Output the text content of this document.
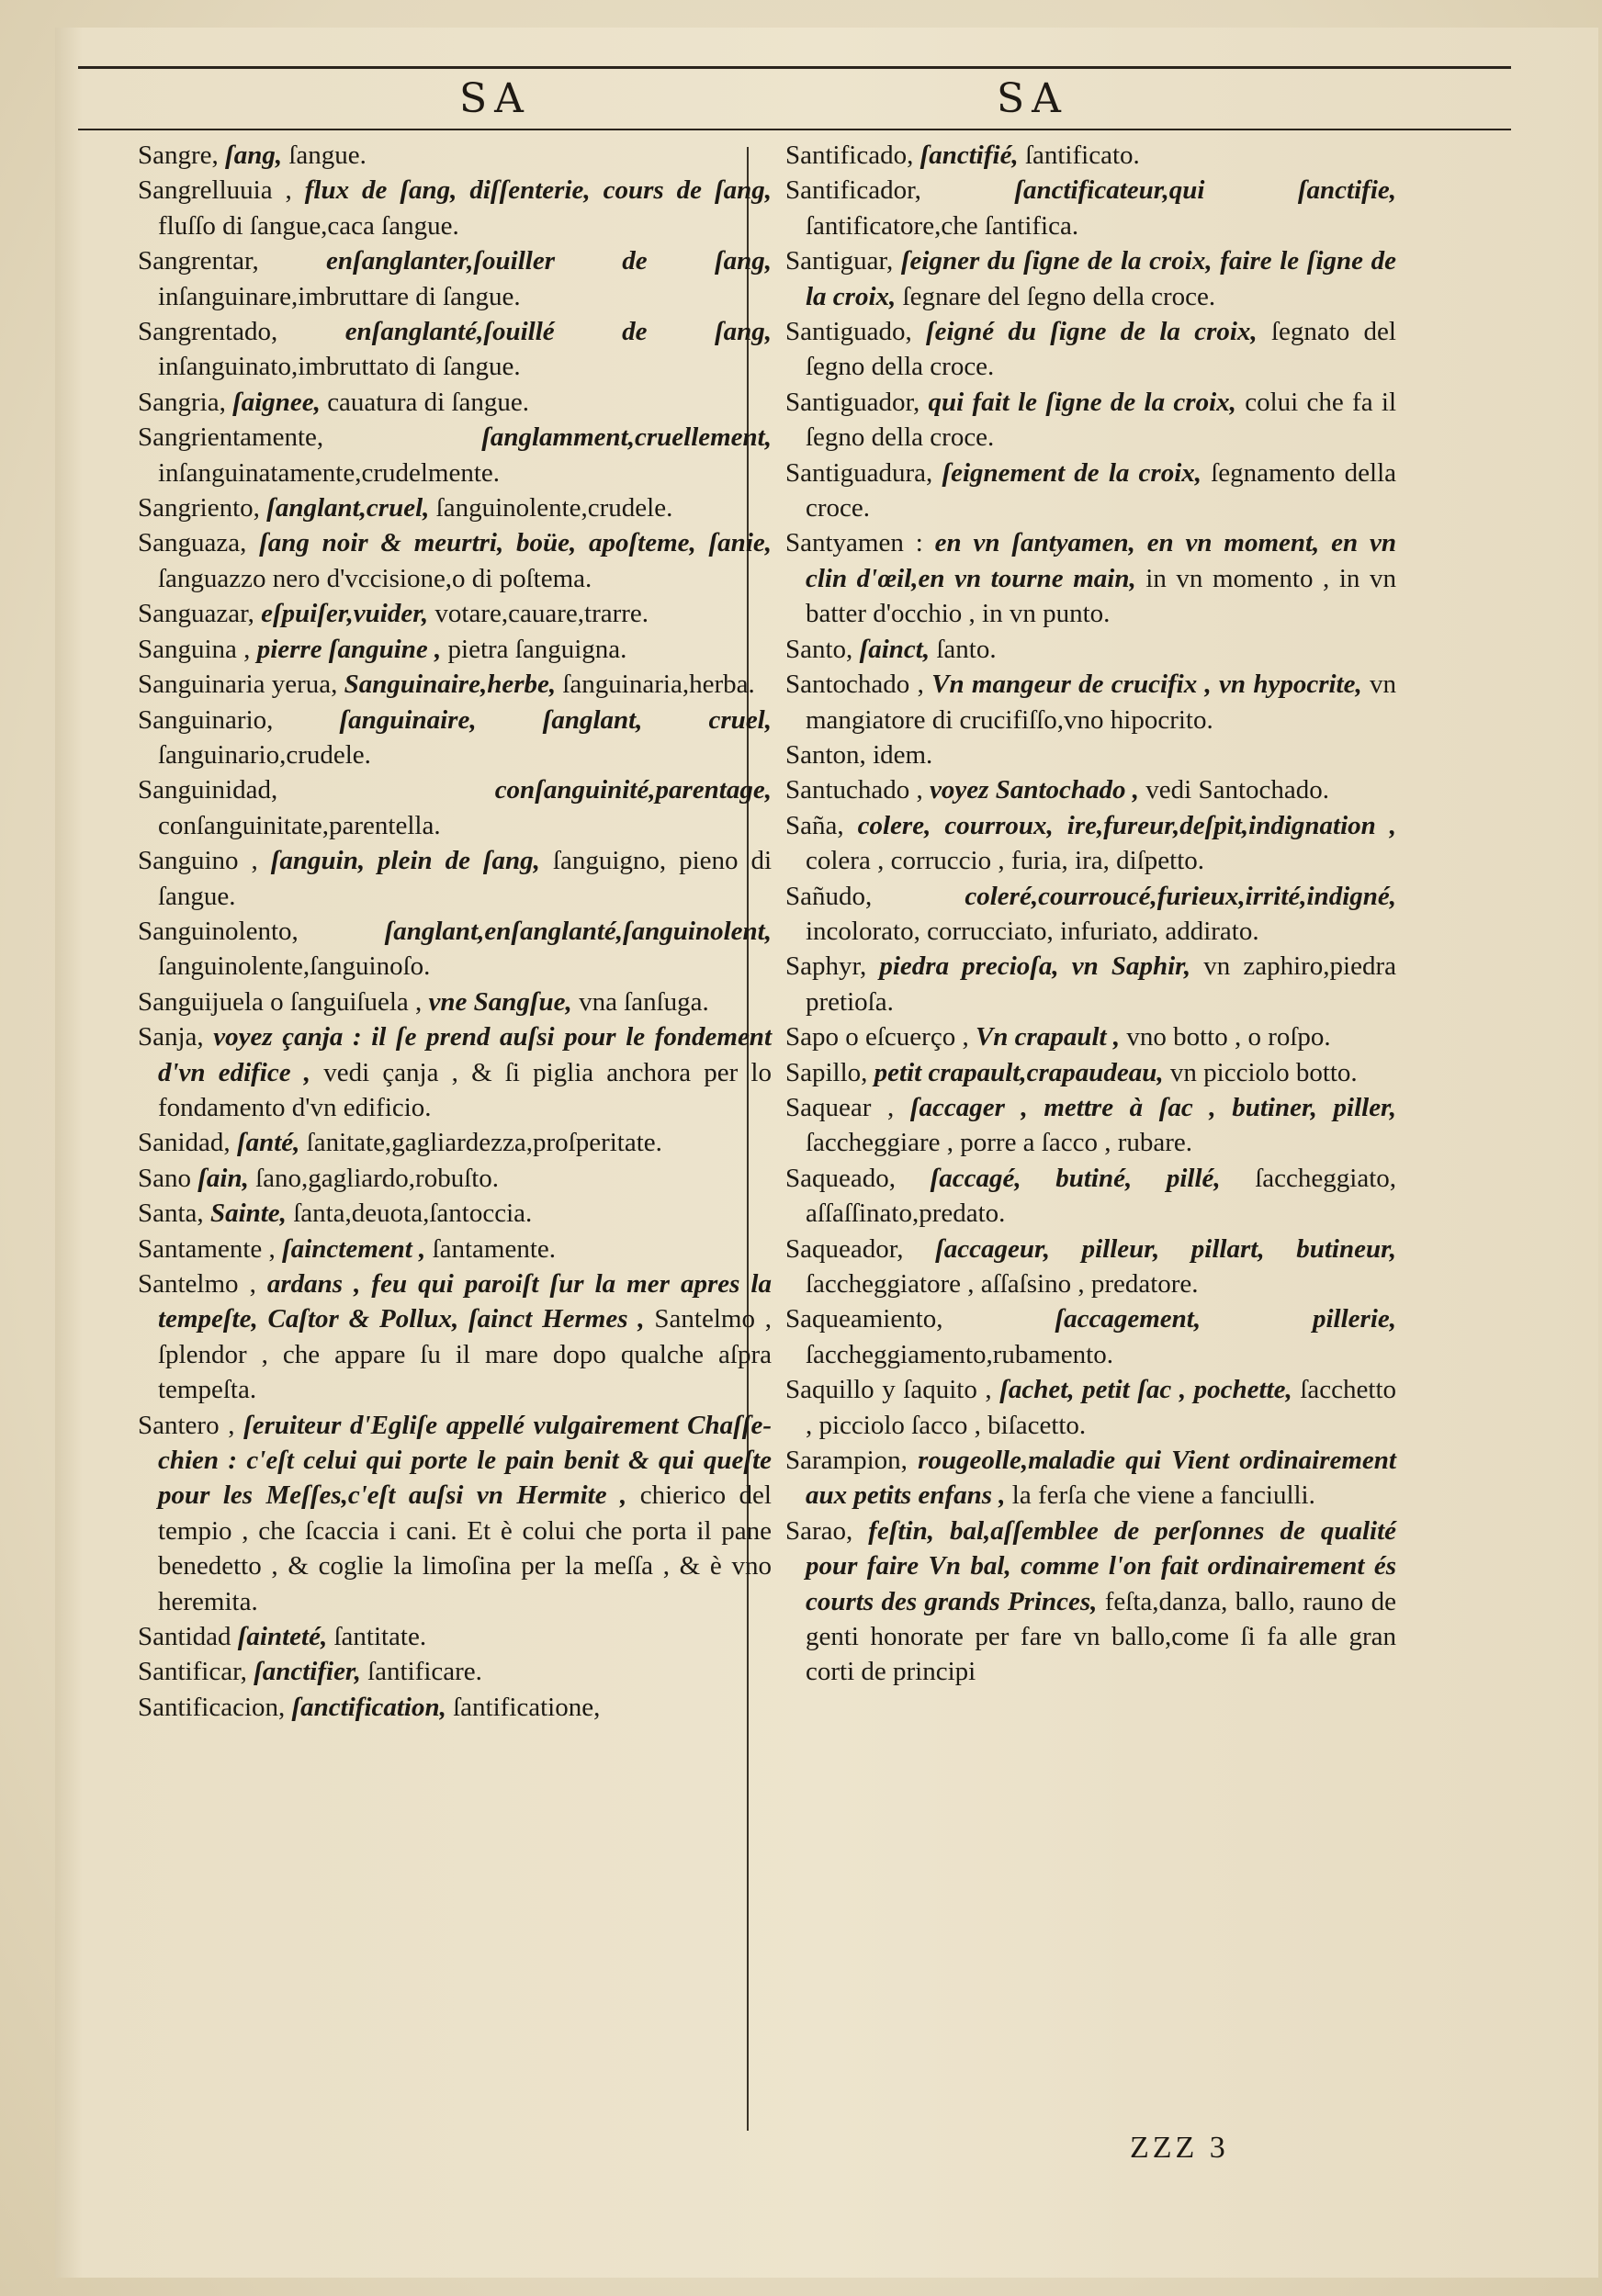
SA	SA

Sangre, ſang, ſangue.

Sangrelluuia , flux de ſang, diſſenterie, cours de ſang, fluſſo di ſangue,caca ſangue.

Sangrentar,	enſanglanter,ſouiller de ſang, inſanguinare,imbruttare di ſangue.

Sangrentado,	enſanglanté,ſouillé de ſang, inſanguinato,imbruttato di ſangue.

Sangria, ſaignee, cauatura di ſangue.

Sangrientamente,	ſanglamment,cruellement, inſanguinatamente,crudelmente.

Sangriento, ſanglant,cruel, ſanguinolente,crudele.

Sanguaza, ſang noir & meurtri, boüe, apoſteme, ſanie, ſanguazzo nero d'vccisione,o di poſtema.

Sanguazar, eſpuiſer,vuider, votare,cauare,trarre.

Sanguina , pierre ſanguine , pietra ſanguigna.

Sanguinaria yerua, Sanguinaire,herbe, ſanguinaria,herba.

Sanguinario, ſanguinaire, ſanglant, cruel, ſanguinario,crudele.

Sanguinidad,	conſanguinité,parentage, conſanguinitate,parentella.

Sanguino , ſanguin, plein de ſang, ſanguigno, pieno di ſangue.

Sanguinolento,	ſanglant,enſanglanté,ſanguinolent, ſanguinolente,ſanguinoſo.

Sanguijuela o ſanguiſuela , vne Sangſue, vna ſanſuga.

Sanja, voyez çanja : il ſe prend auſsi pour le fondement d'vn edifice , vedi çanja , & ſi piglia anchora per lo fondamento d'vn edificio.

Sanidad, ſanté, ſanitate,gagliardezza,proſperitate.

Sano ſain, ſano,gagliardo,robuſto.

Santa, Sainte, ſanta,deuota,ſantoccia.

Santamente , ſainctement , ſantamente.

Santelmo , ardans , feu qui paroiſt ſur la mer apres la tempeſte, Caſtor & Pollux, ſainct Hermes , Santelmo , ſplendor , che appare ſu il mare dopo qualche aſpra tempeſta.

Santero , ſeruiteur d'Egliſe appellé vulgairement Chaſſe-chien : c'eſt celui qui porte le pain benit & qui queſte pour les Meſſes,c'eſt auſsi vn Hermite , chierico del tempio , che ſcaccia i cani. Et è colui che porta il pane benedetto , & coglie la limoſina per la meſſa , & è vno heremita.

Santidad ſainteté, ſantitate.

Santificar, ſanctifier, ſantificare.

Santificacion, ſanctification, ſantificatione,

Santificado, ſanctifié, ſantificato.

Santificador,	ſanctificateur,qui ſanctifie, ſantificatore,che ſantifica.

Santiguar, ſeigner du ſigne de la croix, faire le ſigne de la croix, ſegnare del ſegno della croce.

Santiguado, ſeigné du ſigne de la croix, ſegnato del ſegno della croce.

Santiguador, qui fait le ſigne de la croix, colui che fa il ſegno della croce.

Santiguadura, ſeignement de la croix, ſegnamento della croce.

Santyamen : en vn ſantyamen, en vn moment, en vn clin d'œil,en vn tourne main, in vn momento , in vn batter d'occhio , in vn punto.

Santo, ſainct, ſanto.

Santochado , Vn mangeur de crucifix , vn hypocrite, vn mangiatore di crucifiſſo,vno hipocrito.

Santon, idem.

Santuchado , voyez Santochado , vedi Santochado.

Saña, colere, courroux, ire,fureur,deſpit,indignation , colera , corruccio , furia, ira, diſpetto.

Sañudo,	coleré,courroucé,furieux,irrité,indigné, incolorato, corrucciato, infuriato, addirato.

Saphyr, piedra precioſa, vn Saphir, vn zaphiro,piedra pretioſa.

Sapo o eſcuerço , Vn crapault , vno botto , o roſpo.

Sapillo, petit crapault,crapaudeau, vn picciolo botto.

Saquear , ſaccager , mettre à ſac , butiner, piller, ſaccheggiare , porre a ſacco , rubare.

Saqueado, ſaccagé, butiné, pillé, ſaccheggiato, aſſaſſinato,predato.

Saqueador, ſaccageur, pilleur, pillart, butineur, ſaccheggiatore , aſſaſsino , predatore.

Saqueamiento,	ſaccagement, pillerie, ſaccheggiamento,rubamento.

Saquillo y ſaquito , ſachet, petit ſac , pochette, ſacchetto , picciolo ſacco , biſacetto.

Sarampion, rougeolle,maladie qui Vient ordinairement aux petits enfans , la ferſa che viene a fanciulli.

Sarao, feſtin, bal,aſſemblee de perſonnes de qualité pour faire Vn bal, comme l'on fait ordinairement és courts des grands Princes, feſta,danza, ballo, rauno de genti honorate per fare vn ballo,come ſi fa alle gran corti de principi

ZZZ 3
